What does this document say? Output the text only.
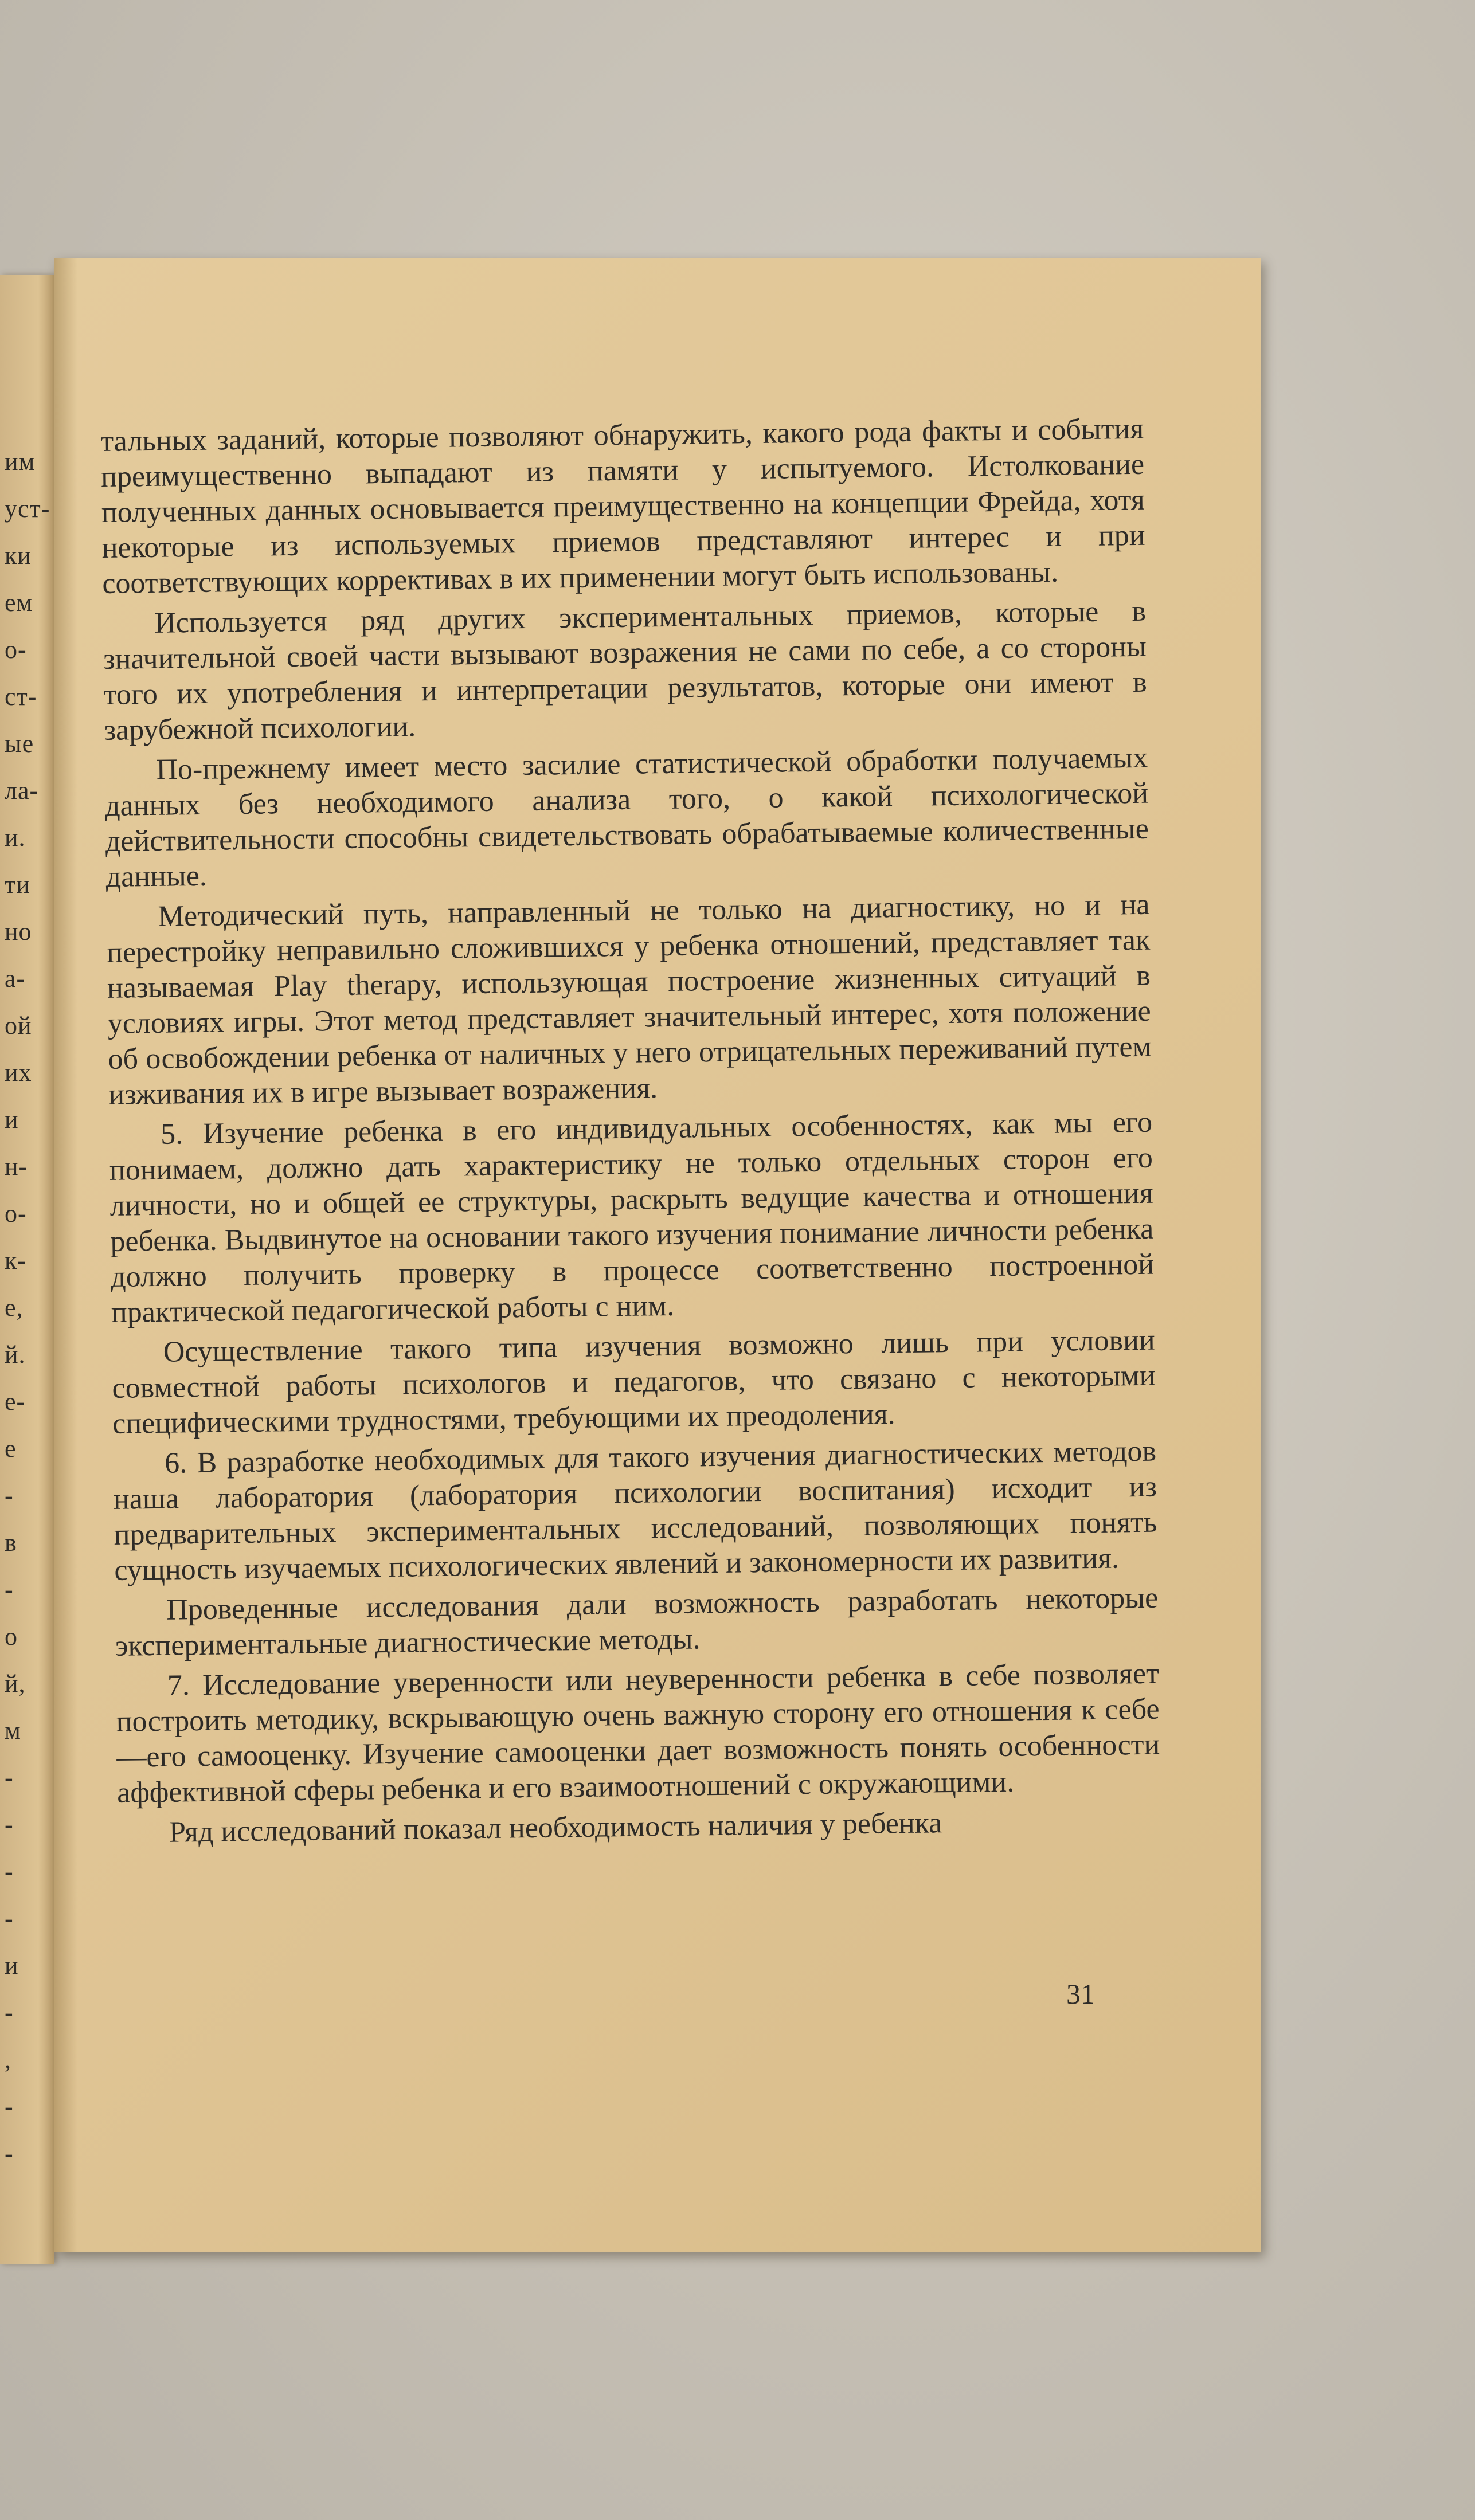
им
уст-
ки
ем
о-
ст-
ые
ла-
и.
ти
но
а-
ой
их
и
н-
о-
к-
е,
й.
е-
е
-
в
-
о
й,
м
-
-
-
-
и
-
,
-
-

тальных заданий, которые позволяют обнаружить, какого рода факты и события преимущественно выпадают из памяти у испытуемого. Истолкование полученных данных основывается преимущественно на концепции Фрейда, хотя некоторые из используемых приемов представляют интерес и при соответствующих коррективах в их применении могут быть использованы.

Используется ряд других экспериментальных приемов, которые в значительной своей части вызывают возражения не сами по себе, а со стороны того их употребления и интерпретации результатов, которые они имеют в зарубежной психологии.

По-прежнему имеет место засилие статистической обработки получаемых данных без необходимого анализа того, о какой психологической действительности способны свидетельствовать обрабатываемые количественные данные.

Методический путь, направленный не только на диагностику, но и на перестройку неправильно сложившихся у ребенка отношений, представляет так называемая Play therapy, использующая построение жизненных ситуаций в условиях игры. Этот метод представляет значительный интерес, хотя положение об освобождении ребенка от наличных у него отрицательных переживаний путем изживания их в игре вызывает возражения.

5. Изучение ребенка в его индивидуальных особенностях, как мы его понимаем, должно дать характеристику не только отдельных сторон его личности, но и общей ее структуры, раскрыть ведущие качества и отношения ребенка. Выдвинутое на основании такого изучения понимание личности ребенка должно получить проверку в процессе соответственно построенной практической педагогической работы с ним.

Осуществление такого типа изучения возможно лишь при условии совместной работы психологов и педагогов, что связано с некоторыми специфическими трудностями, требующими их преодоления.

6. В разработке необходимых для такого изучения диагностических методов наша лаборатория (лаборатория психологии воспитания) исходит из предварительных экспериментальных исследований, позволяющих понять сущность изучаемых психологических явлений и закономерности их развития.

Проведенные исследования дали возможность разработать некоторые экспериментальные диагностические методы.

7. Исследование уверенности или неуверенности ребенка в себе позволяет построить методику, вскрывающую очень важную сторону его отношения к себе—его самооценку. Изучение самооценки дает возможность понять особенности аффективной сферы ребенка и его взаимоотношений с окружающими.

Ряд исследований показал необходимость наличия у ребенка

31
